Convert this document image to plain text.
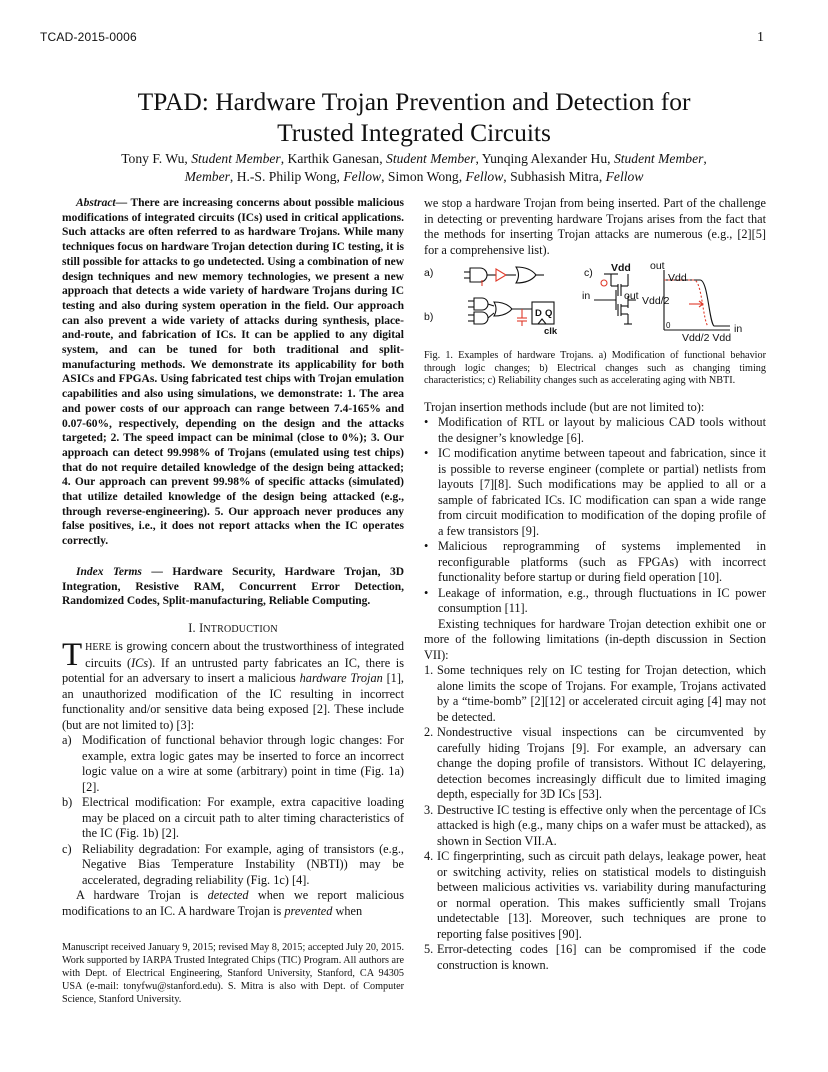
TCAD-2015-0006	1
TPAD: Hardware Trojan Prevention and Detection for
Trusted Integrated Circuits
Tony F. Wu, Student Member, Karthik Ganesan, Student Member, Yunqing Alexander Hu, Student Member,
Member, H.-S. Philip Wong, Fellow, Simon Wong, Fellow, Subhasish Mitra, Fellow

Abstract— There are increasing concerns about possible malicious modifications of integrated circuits (ICs) used in critical applications. Such attacks are often referred to as hardware Trojans. While many techniques focus on hardware Trojan detection during IC testing, it is still possible for attacks to go undetected. Using a combination of new design techniques and new memory technologies, we present a new approach that detects a wide variety of hardware Trojans during IC testing and also during system operation in the field. Our approach can also prevent a wide variety of attacks during synthesis, place-and-route, and fabrication of ICs. It can be applied to any digital system, and can be tuned for both traditional and split-manufacturing methods. We demonstrate its applicability for both ASICs and FPGAs. Using fabricated test chips with Trojan emulation capabilities and also using simulations, we demonstrate: 1. The area and power costs of our approach can range between 7.4-165% and 0.07-60%, respectively, depending on the design and the attacks targeted; 2. The speed impact can be minimal (close to 0%); 3. Our approach can detect 99.998% of Trojans (emulated using test chips) that do not require detailed knowledge of the design being attacked; 4. Our approach can prevent 99.98% of specific attacks (simulated) that utilize detailed knowledge of the design being attacked (e.g., through reverse-engineering). 5. Our approach never produces any false positives, i.e., it does not report attacks when the IC operates correctly.

Index Terms — Hardware Security, Hardware Trojan, 3D Integration, Resistive RAM, Concurrent Error Detection, Randomized Codes, Split-manufacturing, Reliable Computing.

I. INTRODUCTION

THERE is growing concern about the trustworthiness of integrated circuits (ICs). If an untrusted party fabricates an IC, there is potential for an adversary to insert a malicious hardware Trojan [1], an unauthorized modification of the IC resulting in incorrect functionality and/or sensitive data being exposed [2]. These include (but are not limited to) [3]:

a) Modification of functional behavior through logic changes: For example, extra logic gates may be inserted to force an incorrect logic value on a wire at some (arbitrary) point in time (Fig. 1a) [2].
b) Electrical modification: For example, extra capacitive loading may be placed on a circuit path to alter timing characteristics of the IC (Fig. 1b) [2].
c) Reliability degradation: For example, aging of transistors (e.g., Negative Bias Temperature Instability (NBTI)) may be accelerated, degrading reliability (Fig. 1c) [4].

A hardware Trojan is detected when we report malicious modifications to an IC. A hardware Trojan is prevented when

Manuscript received January 9, 2015; revised May 8, 2015; accepted July 20, 2015. Work supported by IARPA Trusted Integrated Chips (TIC) Program. All authors are with Dept. of Electrical Engineering, Stanford University, Stanford, CA 94305 USA (e-mail: tonyfwu@stanford.edu). S. Mitra is also with Dept. of Computer Science, Stanford University.

we stop a hardware Trojan from being inserted. Part of the challenge in detecting or preventing hardware Trojans arises from the fact that the methods for inserting Trojan attacks are numerous (e.g., [2][5] for a comprehensive list).

a)
b)
c) Vdd out
Vdd
in	out Vdd/2
0
Vdd/2 Vdd
in
D Q
clk

Fig. 1. Examples of hardware Trojans. a) Modification of functional behavior through logic changes; b) Electrical changes such as changing timing characteristics; c) Reliability changes such as accelerating aging with NBTI.

Trojan insertion methods include (but are not limited to):

• Modification of RTL or layout by malicious CAD tools without the designer’s knowledge [6].
• IC modification anytime between tapeout and fabrication, since it is possible to reverse engineer (complete or partial) netlists from layouts [7][8]. Such modifications may be applied to all or a sample of fabricated ICs. IC modification can span a wide range from circuit modification to modification of the doping profile of a few transistors [9].
• Malicious reprogramming of systems implemented in reconfigurable platforms (such as FPGAs) with incorrect functionality before startup or during field operation [10].
• Leakage of information, e.g., through fluctuations in IC power consumption [11].

Existing techniques for hardware Trojan detection exhibit one or more of the following limitations (in-depth discussion in Section VII):

1. Some techniques rely on IC testing for Trojan detection, which alone limits the scope of Trojans. For example, Trojans activated by a “time-bomb” [2][12] or accelerated circuit aging [4] may not be detected.
2. Nondestructive visual inspections can be circumvented by carefully hiding Trojans [9]. For example, an adversary can change the doping profile of transistors. Without IC delayering, detection becomes increasingly difficult due to limited imaging depth, especially for 3D ICs [53].
3. Destructive IC testing is effective only when the percentage of ICs attacked is high (e.g., many chips on a wafer must be attacked), as shown in Section VII.A.
4. IC fingerprinting, such as circuit path delays, leakage power, heat or switching activity, relies on statistical models to distinguish between malicious activities vs. variability during manufacturing or normal operation. This makes sufficiently small Trojans undetectable [13]. Moreover, such techniques are prone to reporting false positives [90].
5. Error-detecting codes [16] can be compromised if the code construction is known.
